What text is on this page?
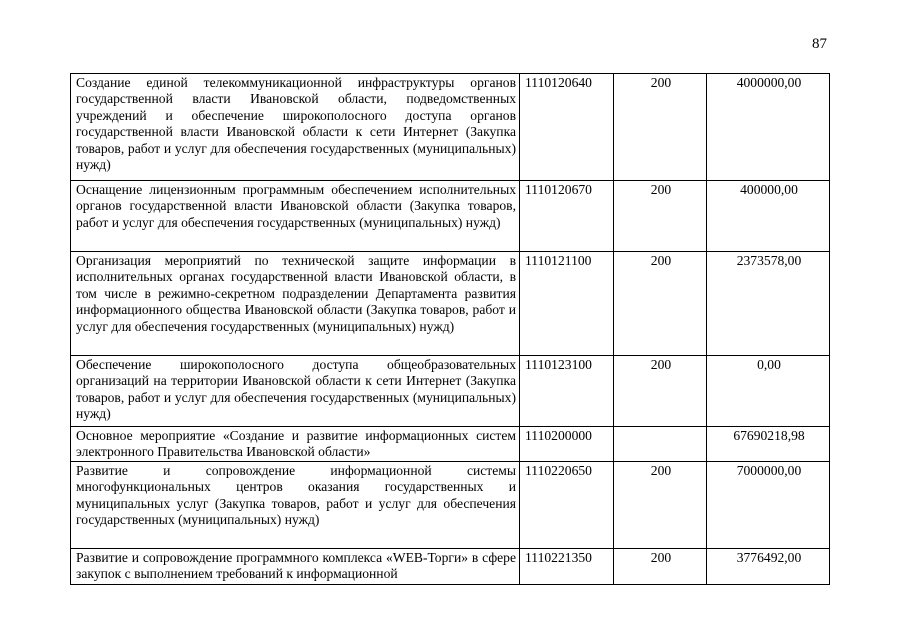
87
Создание единой телекоммуникационной инфраструктуры органов государственной власти Ивановской области, подведомственных учреждений и обеспечение широкополосного доступа органов государственной власти Ивановской области к сети Интернет (Закупка товаров, работ и услуг для обеспечения государственных (муниципальных) нужд)	1110120640	200	4000000,00
Оснащение лицензионным программным обеспечением исполнительных органов государственной власти Ивановской области (Закупка товаров, работ и услуг для обеспечения государственных (муниципальных) нужд)	1110120670	200	400000,00
Организация мероприятий по технической защите информации в исполнительных органах государственной власти Ивановской области, в том числе в режимно-секретном подразделении Департамента развития информационного общества Ивановской области (Закупка товаров, работ и услуг для обеспечения государственных (муниципальных) нужд)	1110121100	200	2373578,00
Обеспечение широкополосного доступа общеобразовательных организаций на территории Ивановской области к сети Интернет (Закупка товаров, работ и услуг для обеспечения государственных (муниципальных) нужд)	1110123100	200	0,00
Основное мероприятие «Создание и развитие информационных систем электронного Правительства Ивановской области»	1110200000		67690218,98
Развитие и сопровождение информационной системы многофункциональных центров оказания государственных и муниципальных услуг (Закупка товаров, работ и услуг для обеспечения государственных (муниципальных) нужд)	1110220650	200	7000000,00
Развитие и сопровождение программного комплекса «WEB-Торги» в сфере закупок с выполнением требований к информационной	1110221350	200	3776492,00
